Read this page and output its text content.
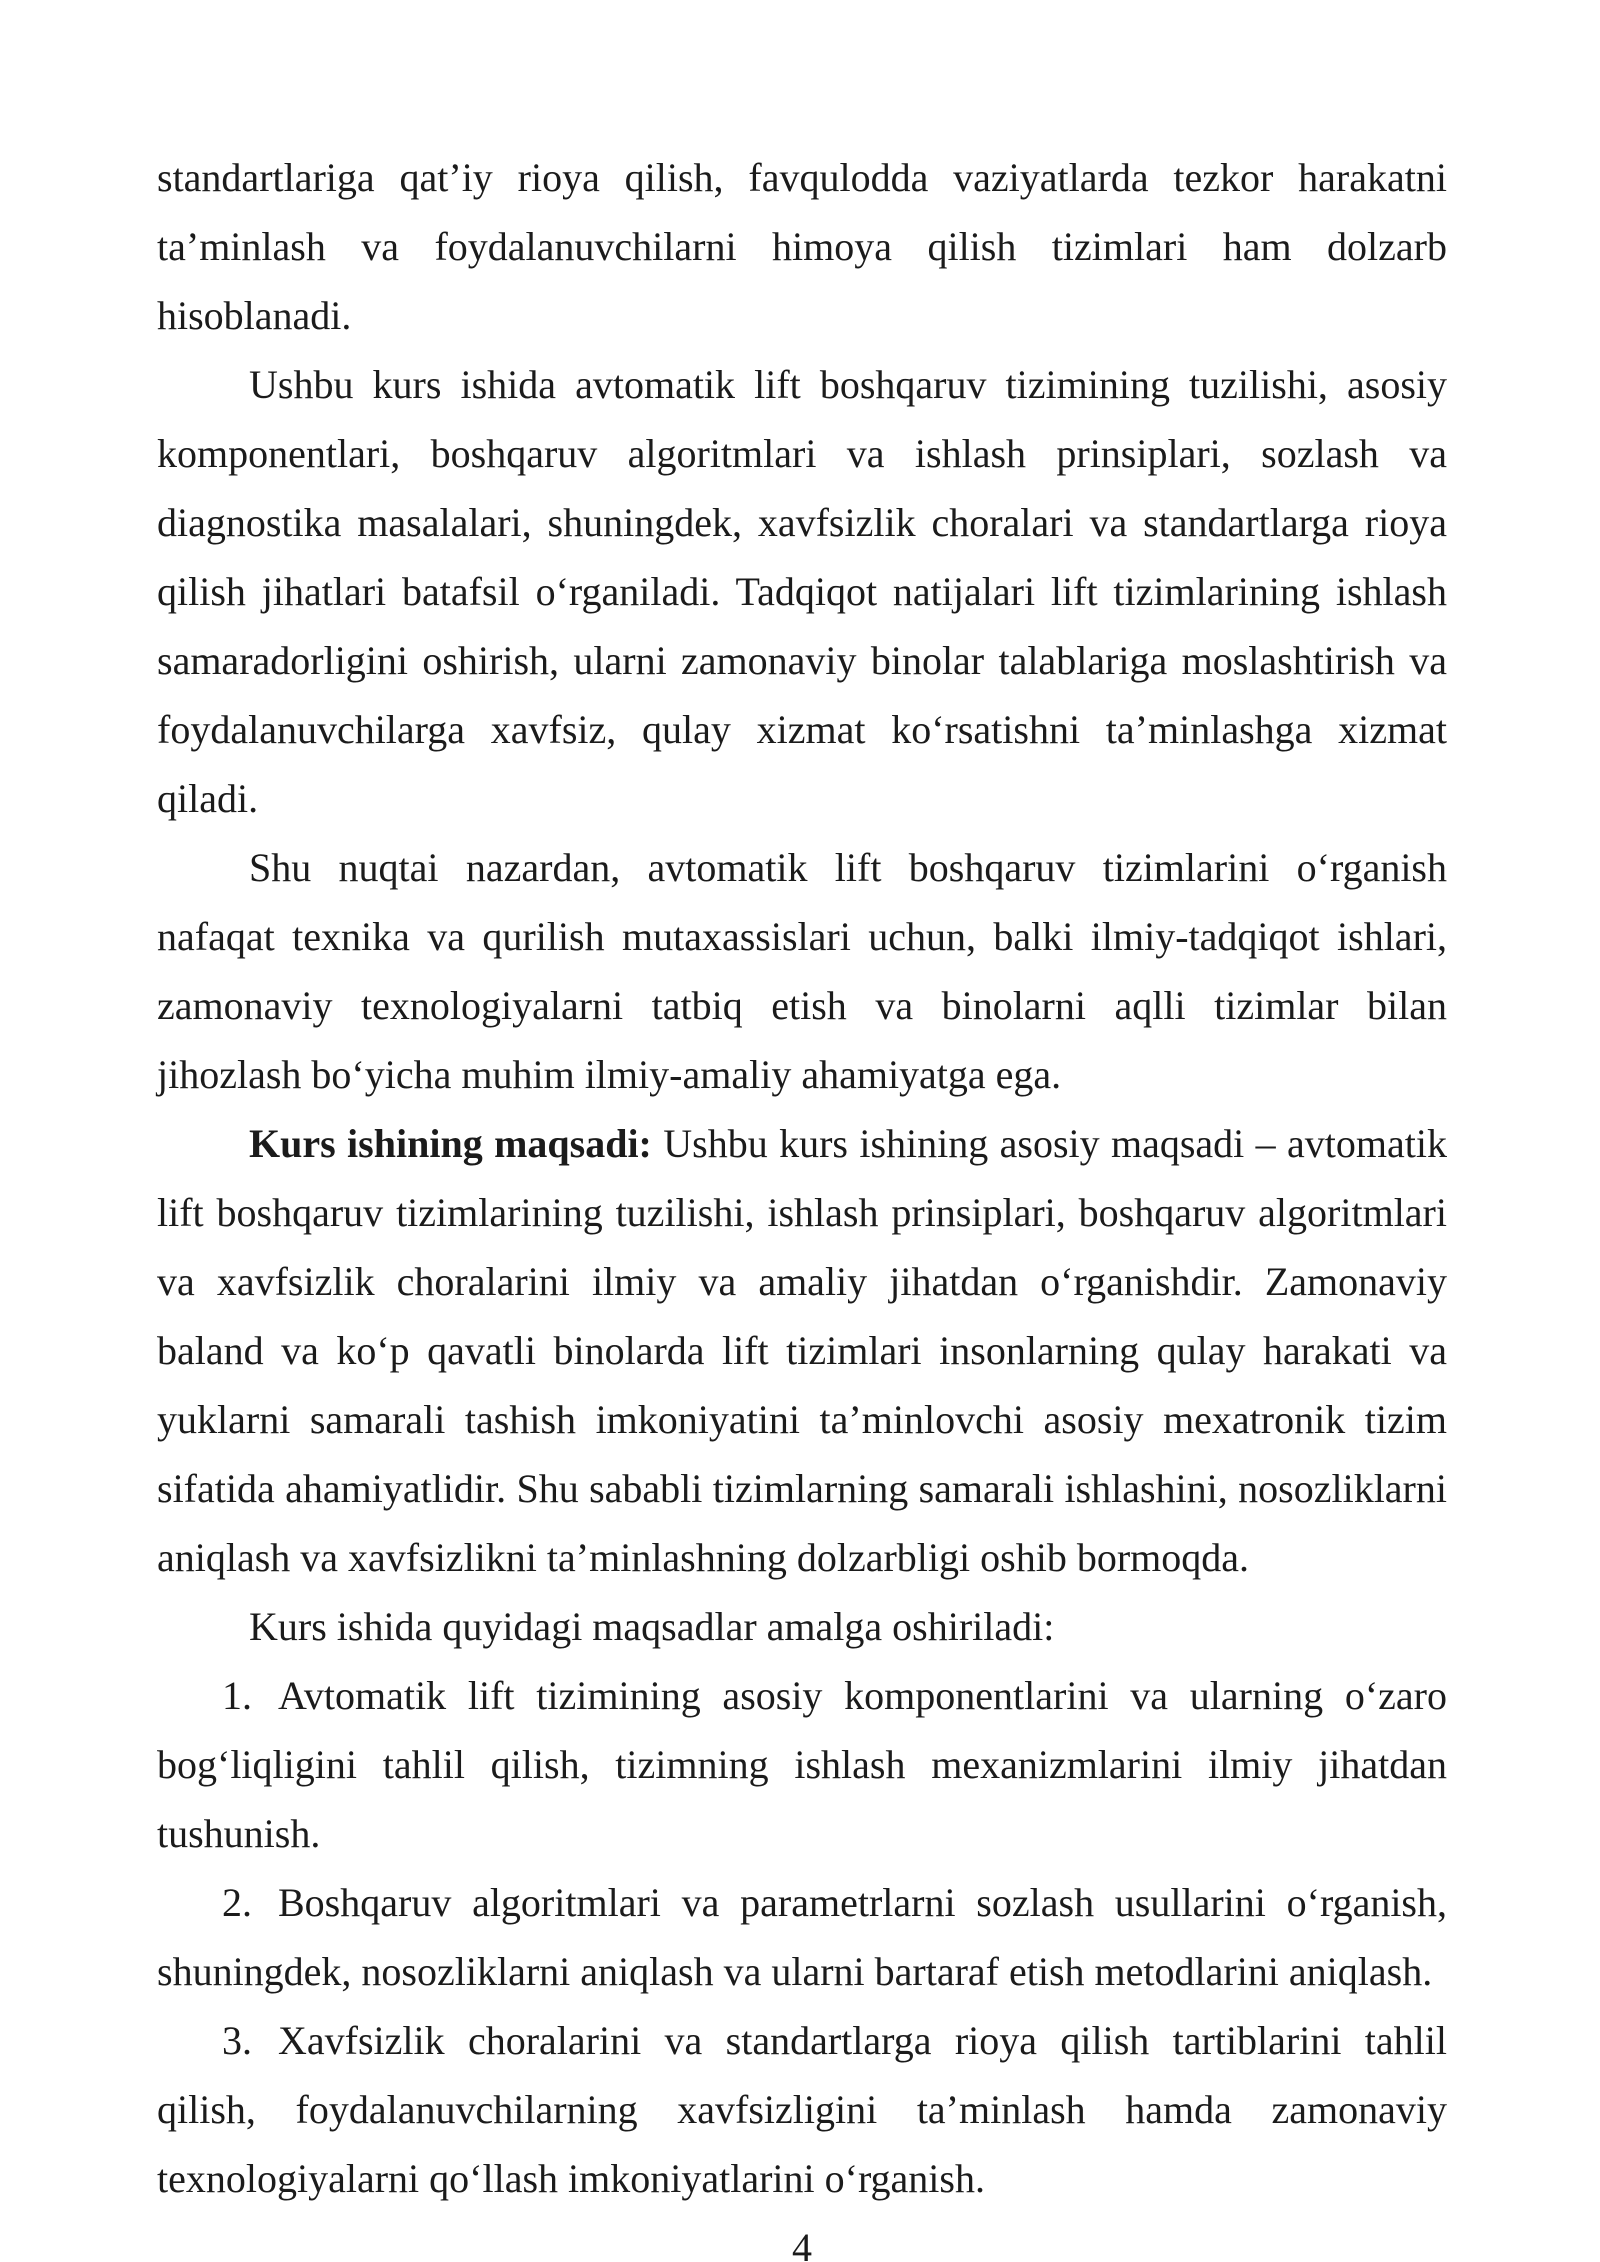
standartlariga qat’iy rioya qilish, favqulodda vaziyatlarda tezkor harakatni ta’minlash va foydalanuvchilarni himoya qilish tizimlari ham dolzarb hisoblanadi.

Ushbu kurs ishida avtomatik lift boshqaruv tizimining tuzilishi, asosiy komponentlari, boshqaruv algoritmlari va ishlash prinsiplari, sozlash va diagnostika masalalari, shuningdek, xavfsizlik choralari va standartlarga rioya qilish jihatlari batafsil o‘rganiladi. Tadqiqot natijalari lift tizimlarining ishlash samaradorligini oshirish, ularni zamonaviy binolar talablariga moslashtirish va foydalanuvchilarga xavfsiz, qulay xizmat ko‘rsatishni ta’minlashga xizmat qiladi.

Shu nuqtai nazardan, avtomatik lift boshqaruv tizimlarini o‘rganish nafaqat texnika va qurilish mutaxassislari uchun, balki ilmiy-tadqiqot ishlari, zamonaviy texnologiyalarni tatbiq etish va binolarni aqlli tizimlar bilan jihozlash bo‘yicha muhim ilmiy-amaliy ahamiyatga ega.

Kurs ishining maqsadi: Ushbu kurs ishining asosiy maqsadi – avtomatik lift boshqaruv tizimlarining tuzilishi, ishlash prinsiplari, boshqaruv algoritmlari va xavfsizlik choralarini ilmiy va amaliy jihatdan o‘rganishdir. Zamonaviy baland va ko‘p qavatli binolarda lift tizimlari insonlarning qulay harakati va yuklarni samarali tashish imkoniyatini ta’minlovchi asosiy mexatronik tizim sifatida ahamiyatlidir. Shu sababli tizimlarning samarali ishlashini, nosozliklarni aniqlash va xavfsizlikni ta’minlashning dolzarbligi oshib bormoqda.

Kurs ishida quyidagi maqsadlar amalga oshiriladi:

1. Avtomatik lift tizimining asosiy komponentlarini va ularning o‘zaro bog‘liqligini tahlil qilish, tizimning ishlash mexanizmlarini ilmiy jihatdan tushunish.

2. Boshqaruv algoritmlari va parametrlarni sozlash usullarini o‘rganish, shuningdek, nosozliklarni aniqlash va ularni bartaraf etish metodlarini aniqlash.

3. Xavfsizlik choralarini va standartlarga rioya qilish tartiblarini tahlil qilish, foydalanuvchilarning xavfsizligini ta’minlash hamda zamonaviy texnologiyalarni qo‘llash imkoniyatlarini o‘rganish.

4
